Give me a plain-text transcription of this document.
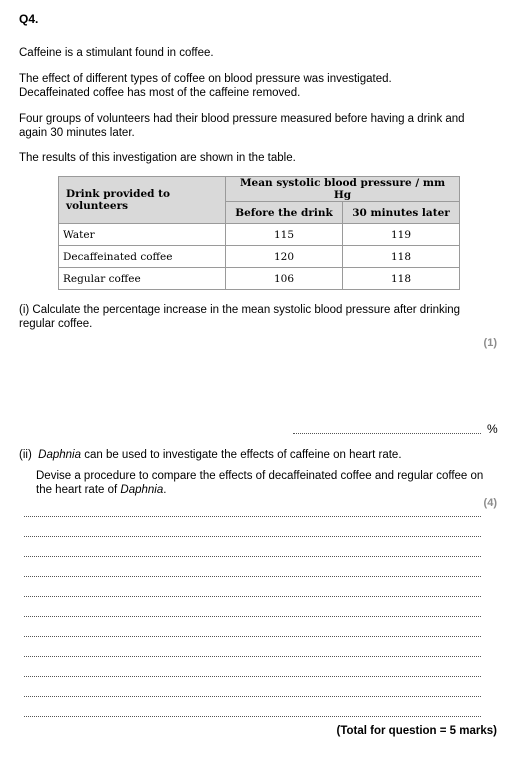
Q4.
Caffeine is a stimulant found in coffee.
The effect of different types of coffee on blood pressure was investigated.
Decaffeinated coffee has most of the caffeine removed.
Four groups of volunteers had their blood pressure measured before having a drink and
again 30 minutes later.
The results of this investigation are shown in the table.
Drink provided to volunteers	Mean systolic blood pressure / mm Hg	
	Before the drink	30 minutes later
Water	115	119
Decaffeinated coffee	120	118
Regular coffee	106	118
(i) Calculate the percentage increase in the mean systolic blood pressure after drinking
regular coffee.
(1)
%
(ii)  Daphnia can be used to investigate the effects of caffeine on heart rate.
Devise a procedure to compare the effects of decaffeinated coffee and regular coffee on
the heart rate of Daphnia.
(4)
(Total for question = 5 marks)
